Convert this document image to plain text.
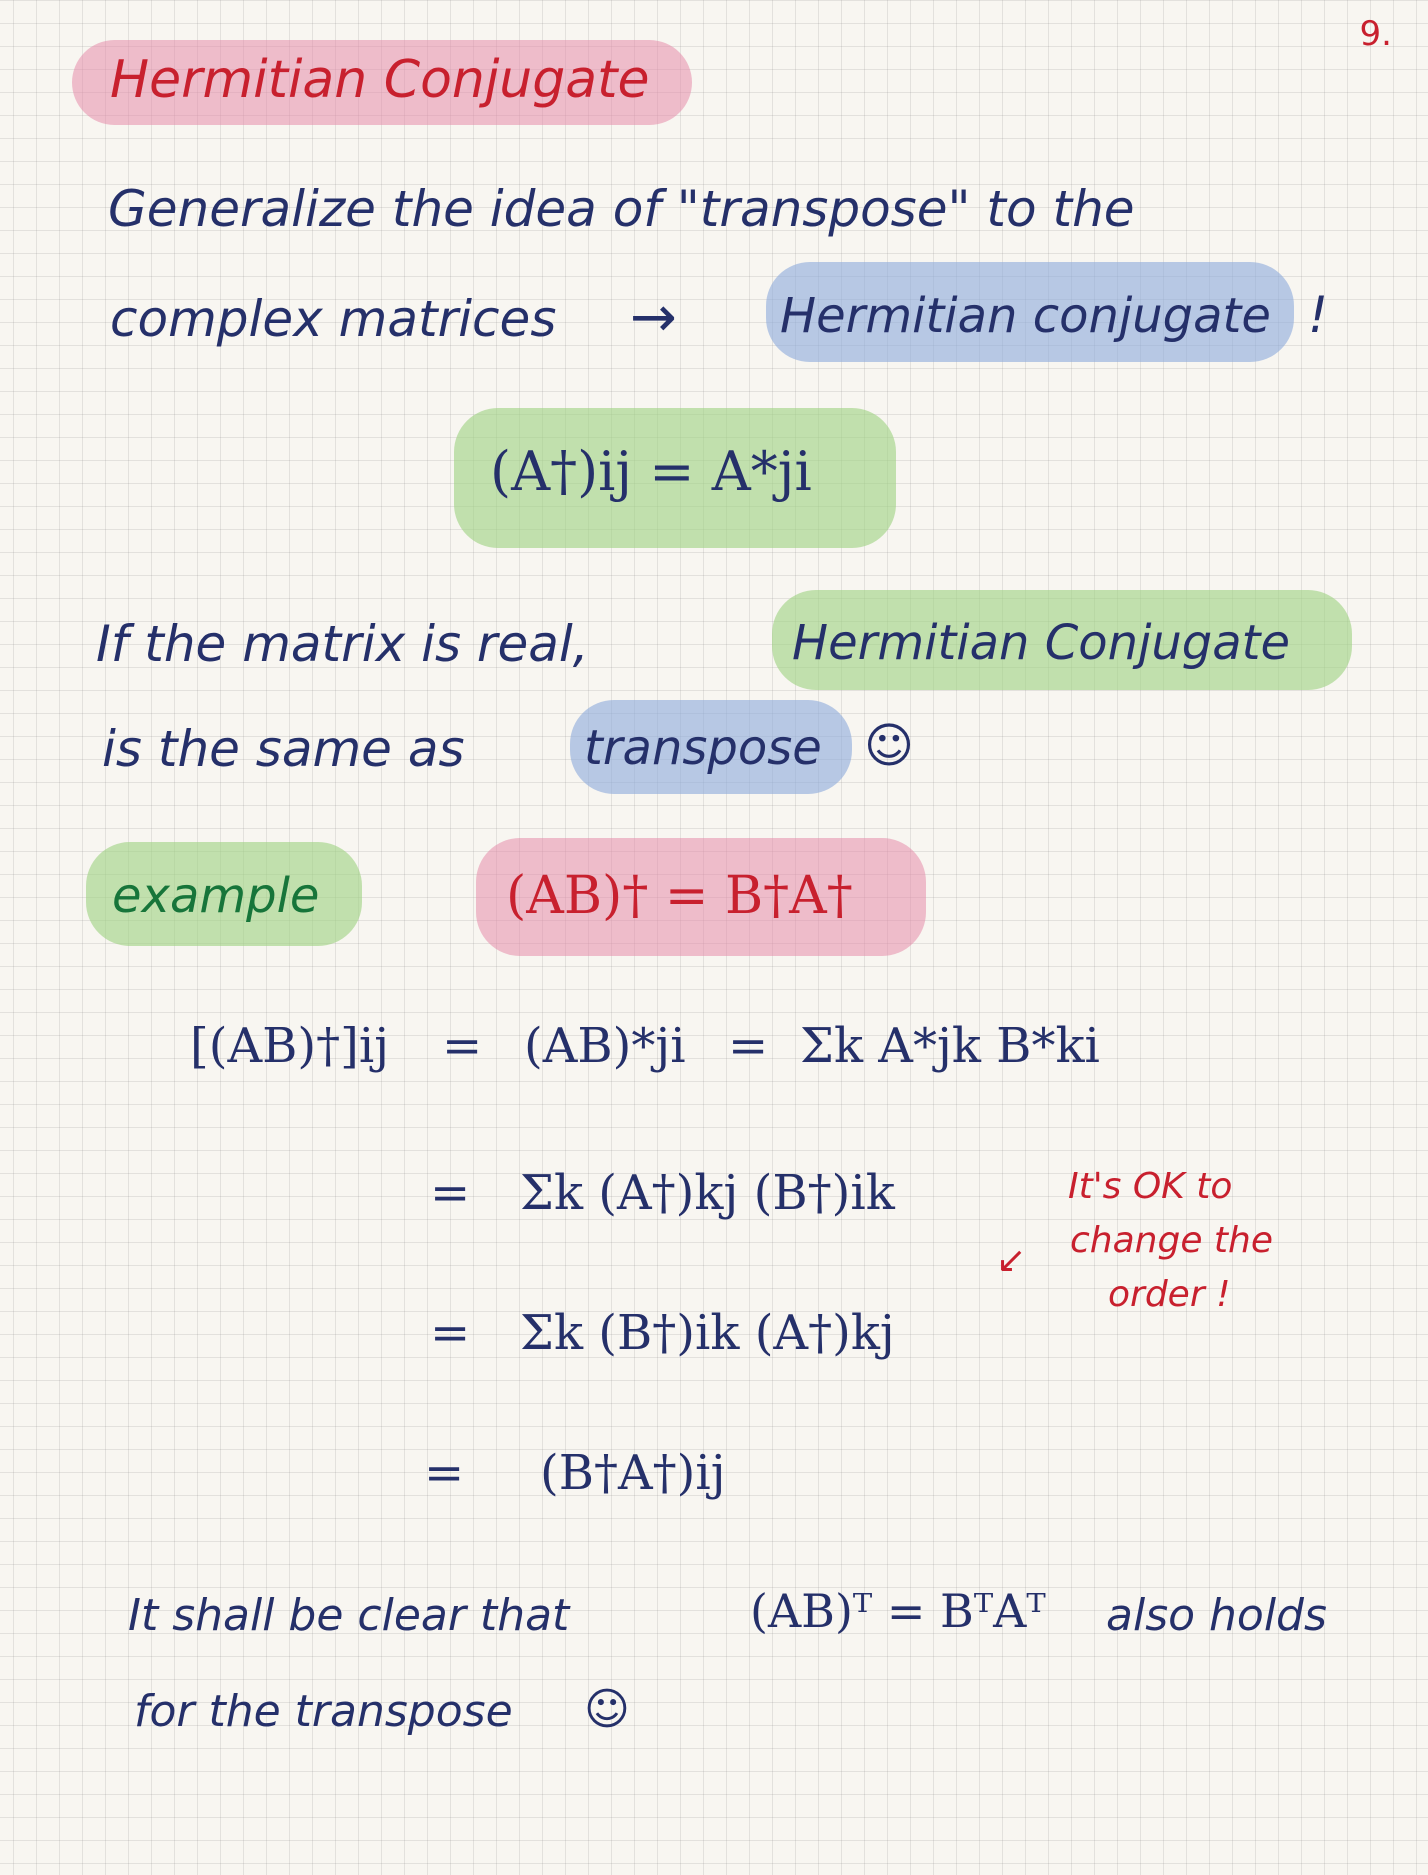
9.
Hermitian Conjugate
Generalize the idea of "transpose" to the
complex matrices → Hermitian conjugate !
(A†)ij = A*ji
If the matrix is real,	Hermitian Conjugate
is the same as transpose ☺
example	(AB)† = B†A†
[(AB)†]ij = (AB)*ji = Σk A*jk B*ki
= Σk (A†)kj (B†)ik
= Σk (B†)ik (A†)kj
= (B†A†)ij
↙
It's OK to
change the
order !
It shall be clear that	(AB)ᵀ = BᵀAᵀ also holds
for the transpose ☺
